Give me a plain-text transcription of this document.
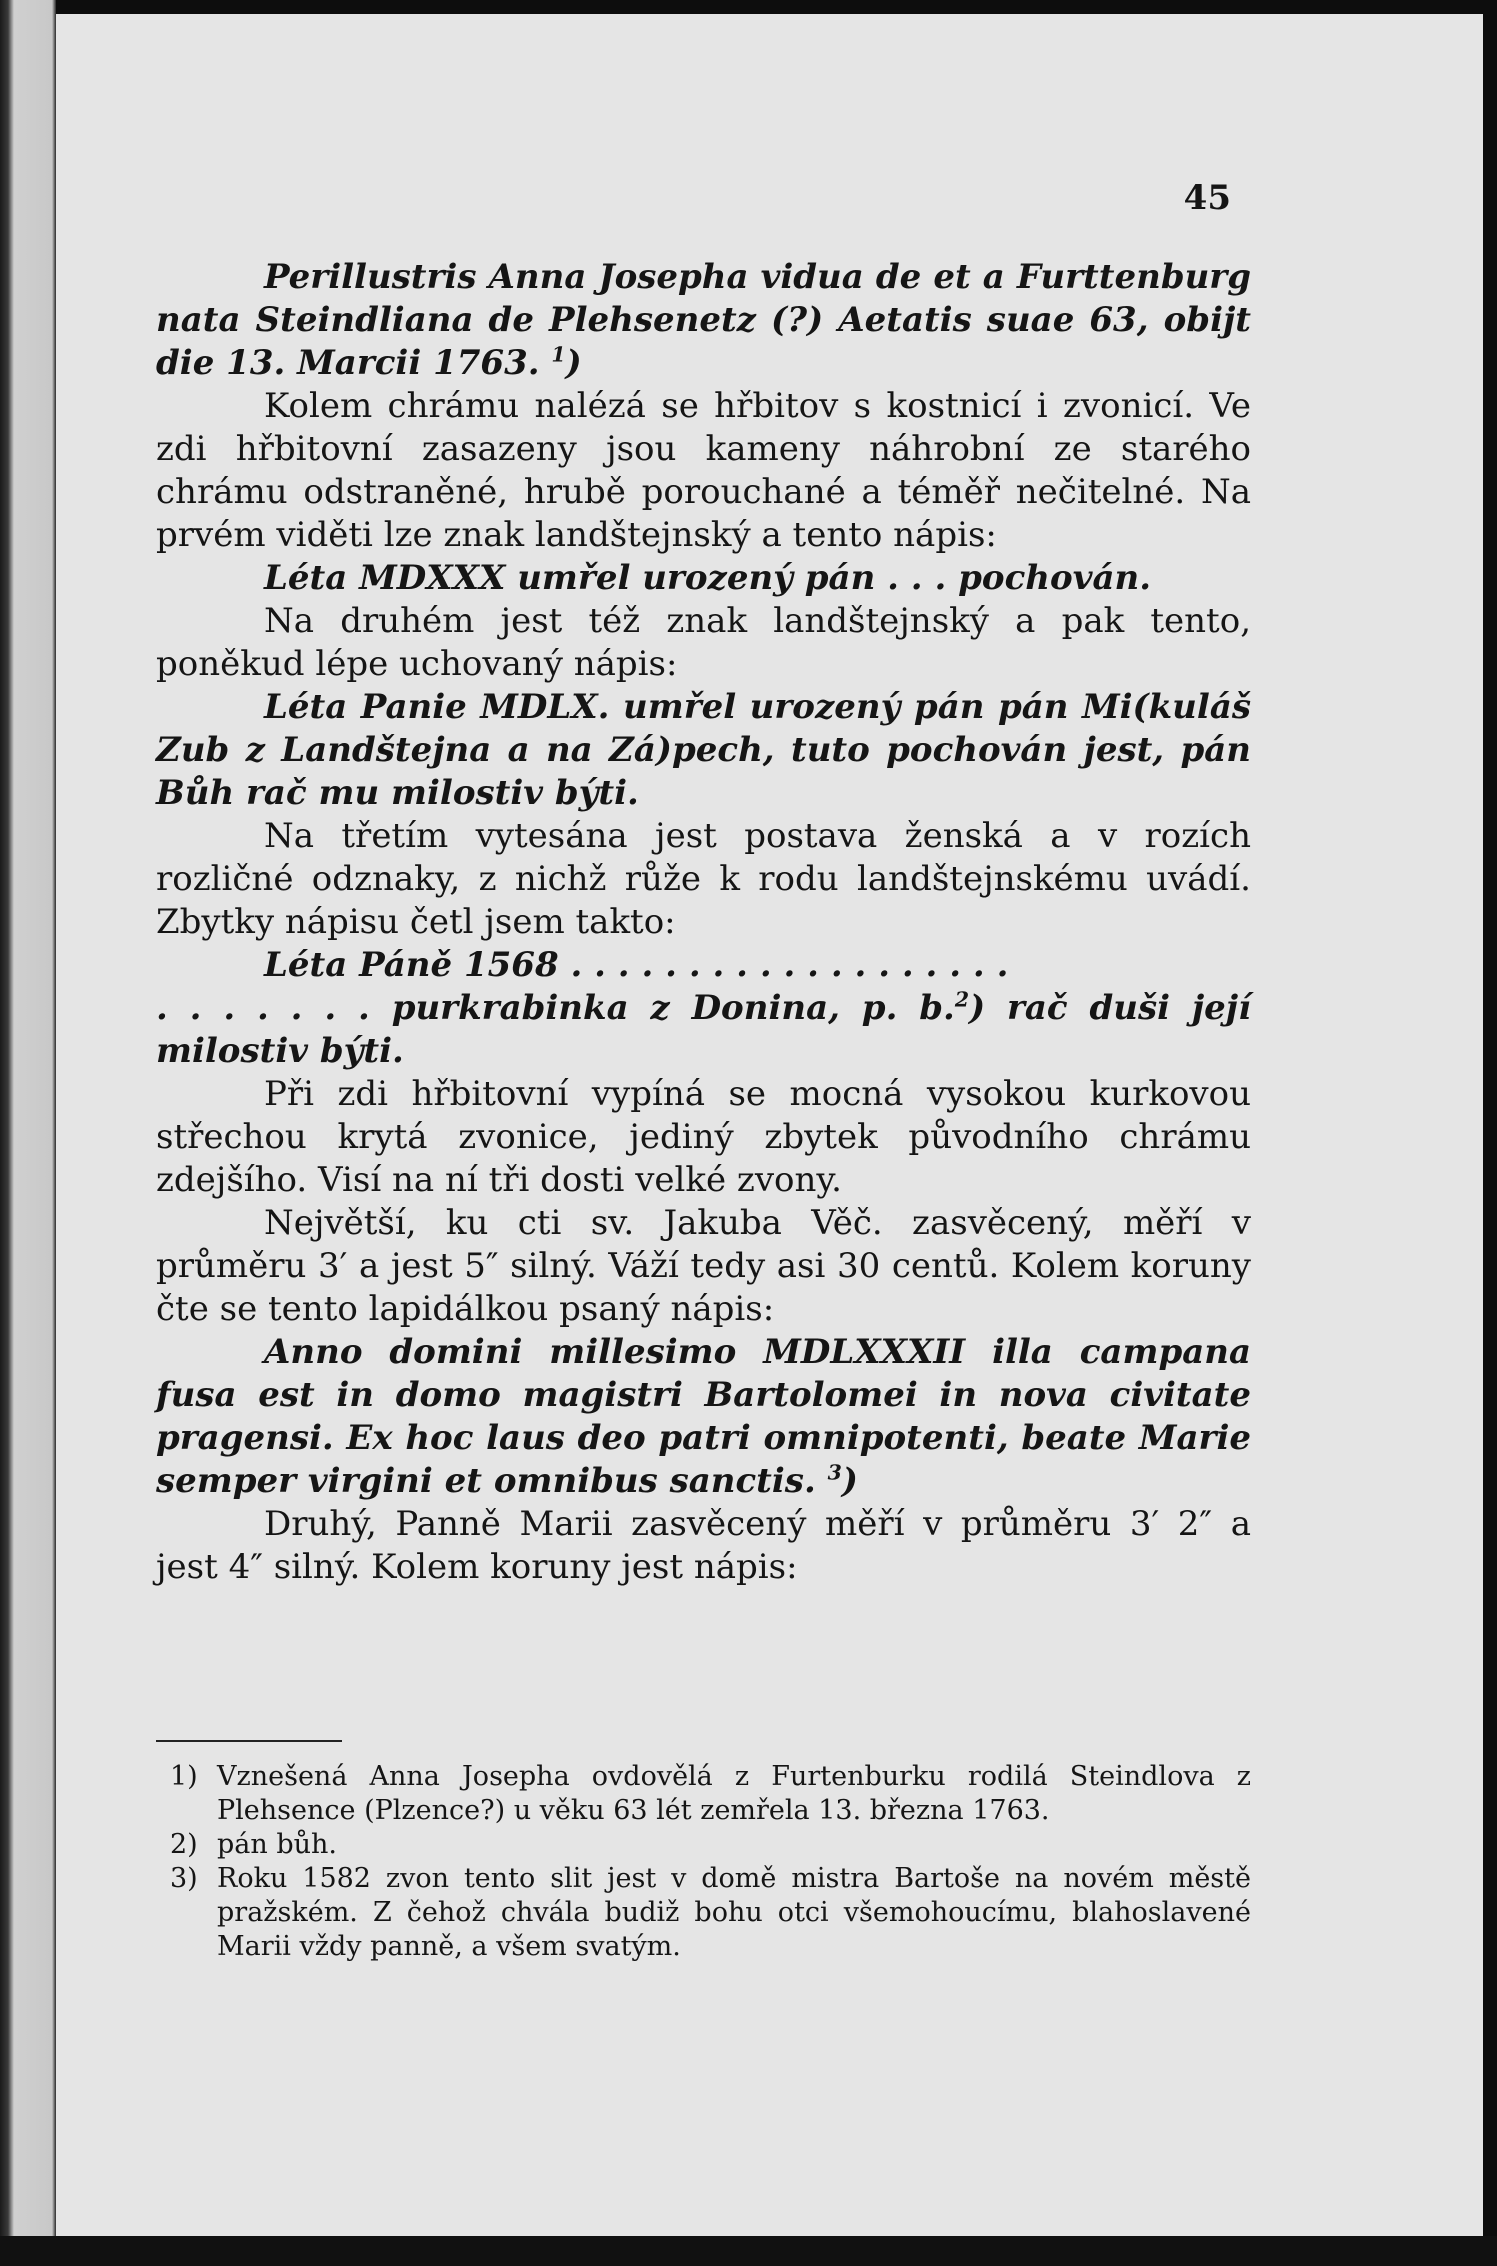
45

Perillustris Anna Josepha vidua de et a Furttenburg nata Steindliana de Plehsenetz (?) Aetatis suae 63, obijt die 13. Marcii 1763. $^1$)

Kolem chrámu nalézá se hřbitov s kostnicí i zvonicí. Ve zdi hřbitovní zasazeny jsou kameny náhrobní ze starého chrámu odstraněné, hrubě porouchané a téměř nečitelné. Na prvém viděti lze znak landštejnský a tento nápis:

Léta MDXXX umřel urozený pán . . . pochován.

Na druhém jest též znak landštejnský a pak tento, poněkud lépe uchovaný nápis:

Léta Panie MDLX. umřel urozený pán pán Mi(kuláš Zub z Landštejna a na Zá)pech, tuto pochován jest, pán Bůh rač mu milostiv býti.

Na třetím vytesána jest postava ženská a v rozích rozličné odznaky, z nichž růže k rodu landštejnskému uvádí. Zbytky nápisu četl jsem takto:

Léta Páně 1568 . . . . . . . . . . . . . . . . . . .

. . . . . . . purkrabinka z Donina, p. b.$^2$) rač duši její milostiv býti.

Při zdi hřbitovní vypíná se mocná vysokou kurkovou střechou krytá zvonice, jediný zbytek původního chrámu zdejšího. Visí na ní tři dosti velké zvony.

Největší, ku cti sv. Jakuba Věč. zasvěcený, měří v průměru 3′ a jest 5″ silný. Váží tedy asi 30 centů. Kolem koruny čte se tento lapidálkou psaný nápis:

Anno domini millesimo MDLXXXII illa campana fusa est in domo magistri Bartolomei in nova civitate pragensi. Ex hoc laus deo patri omnipotenti, beate Marie semper virgini et omnibus sanctis. $^3$)

Druhý, Panně Marii zasvěcený měří v průměru 3′ 2″ a jest 4″ silný. Kolem koruny jest nápis:

1) Vznešená Anna Josepha ovdovělá z Furtenburku rodilá Steindlova z Plehsence (Plzence?) u věku 63 lét zemřela 13. března 1763.
2) pán bůh.
3) Roku 1582 zvon tento slit jest v domě mistra Bartoše na novém městě pražském. Z čehož chvála budiž bohu otci všemohoucímu, blahoslavené Marii vždy panně, a všem svatým.
